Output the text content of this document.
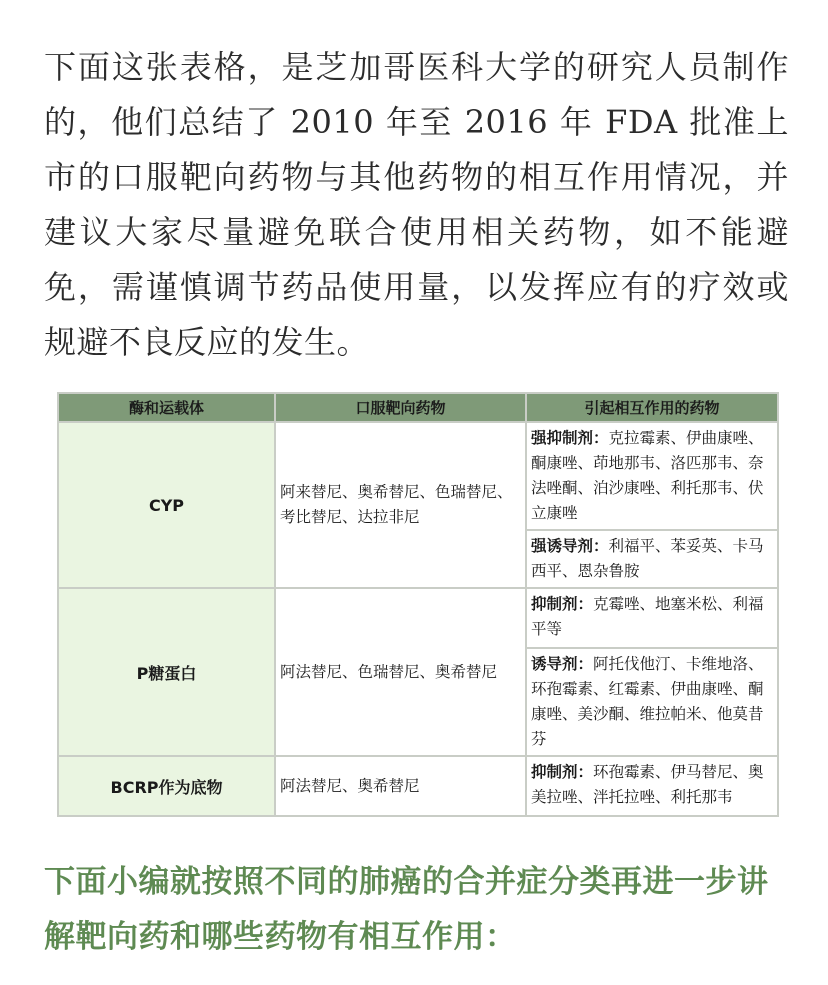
下面这张表格，是芝加哥医科大学的研究人员制作的，他们总结了 2010 年至 2016 年 FDA 批准上市的口服靶向药物与其他药物的相互作用情况，并建议大家尽量避免联合使用相关药物，如不能避免，需谨慎调节药品使用量，以发挥应有的疗效或规避不良反应的发生。

酶和运载体	口服靶向药物	引起相互作用的药物
CYP	阿来替尼、奥希替尼、色瑞替尼、考比替尼、达拉非尼	强抑制剂：克拉霉素、伊曲康唑、酮康唑、茚地那韦、洛匹那韦、奈法唑酮、泊沙康唑、利托那韦、伏立康唑
		强诱导剂：利福平、苯妥英、卡马西平、恩杂鲁胺
P糖蛋白	阿法替尼、色瑞替尼、奥希替尼	抑制剂：克霉唑、地塞米松、利福平等
		诱导剂：阿托伐他汀、卡维地洛、环孢霉素、红霉素、伊曲康唑、酮康唑、美沙酮、维拉帕米、他莫昔芬
BCRP作为底物	阿法替尼、奥希替尼	抑制剂：环孢霉素、伊马替尼、奥美拉唑、泮托拉唑、利托那韦

下面小编就按照不同的肺癌的合并症分类再进一步讲解靶向药和哪些药物有相互作用：
